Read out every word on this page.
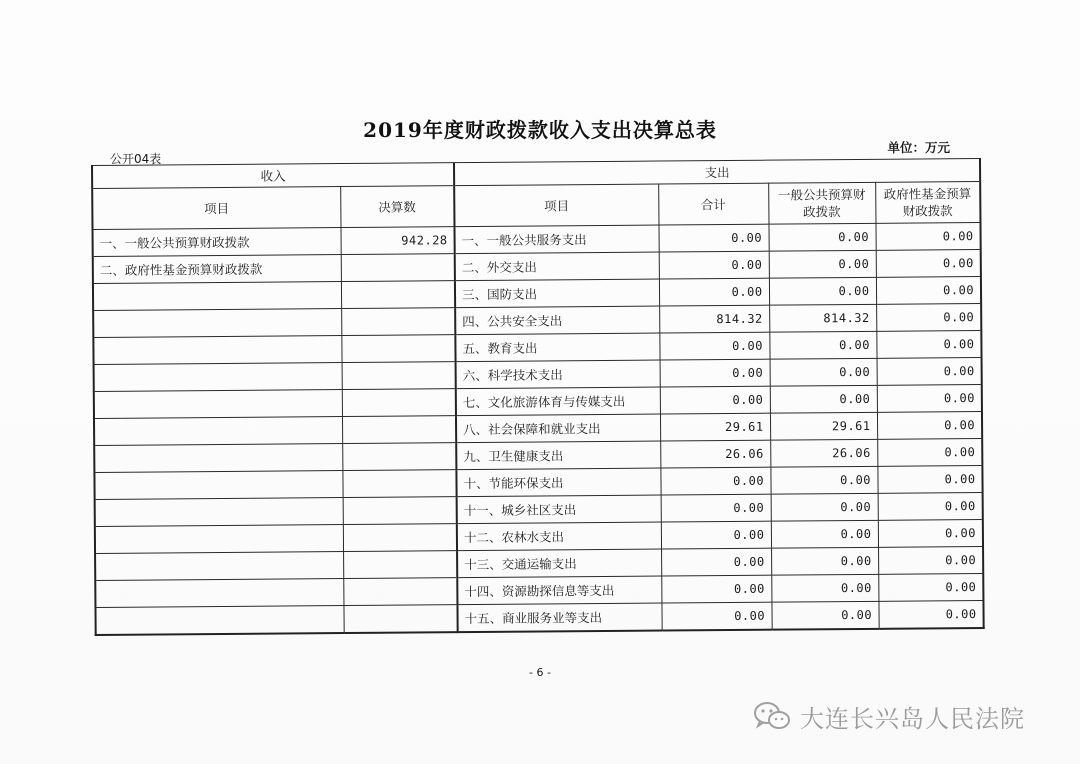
2019年度财政拨款收入支出决算总表
单位：万元
公开04表
收入		支出			
项目	决算数	项目	合计	一般公共预算财政拨款	政府性基金预算财政拨款
一、一般公共预算财政拨款	942.28	一、一般公共服务支出	0.00	0.00	0.00
二、政府性基金预算财政拨款		二、外交支出	0.00	0.00	0.00
		三、国防支出	0.00	0.00	0.00
		四、公共安全支出	814.32	814.32	0.00
		五、教育支出	0.00	0.00	0.00
		六、科学技术支出	0.00	0.00	0.00
		七、文化旅游体育与传媒支出	0.00	0.00	0.00
		八、社会保障和就业支出	29.61	29.61	0.00
		九、卫生健康支出	26.06	26.06	0.00
		十、节能环保支出	0.00	0.00	0.00
		十一、城乡社区支出	0.00	0.00	0.00
		十二、农林水支出	0.00	0.00	0.00
		十三、交通运输支出	0.00	0.00	0.00
		十四、资源勘探信息等支出	0.00	0.00	0.00
		十五、商业服务业等支出	0.00	0.00	0.00
- 6 -
大连长兴岛人民法院
